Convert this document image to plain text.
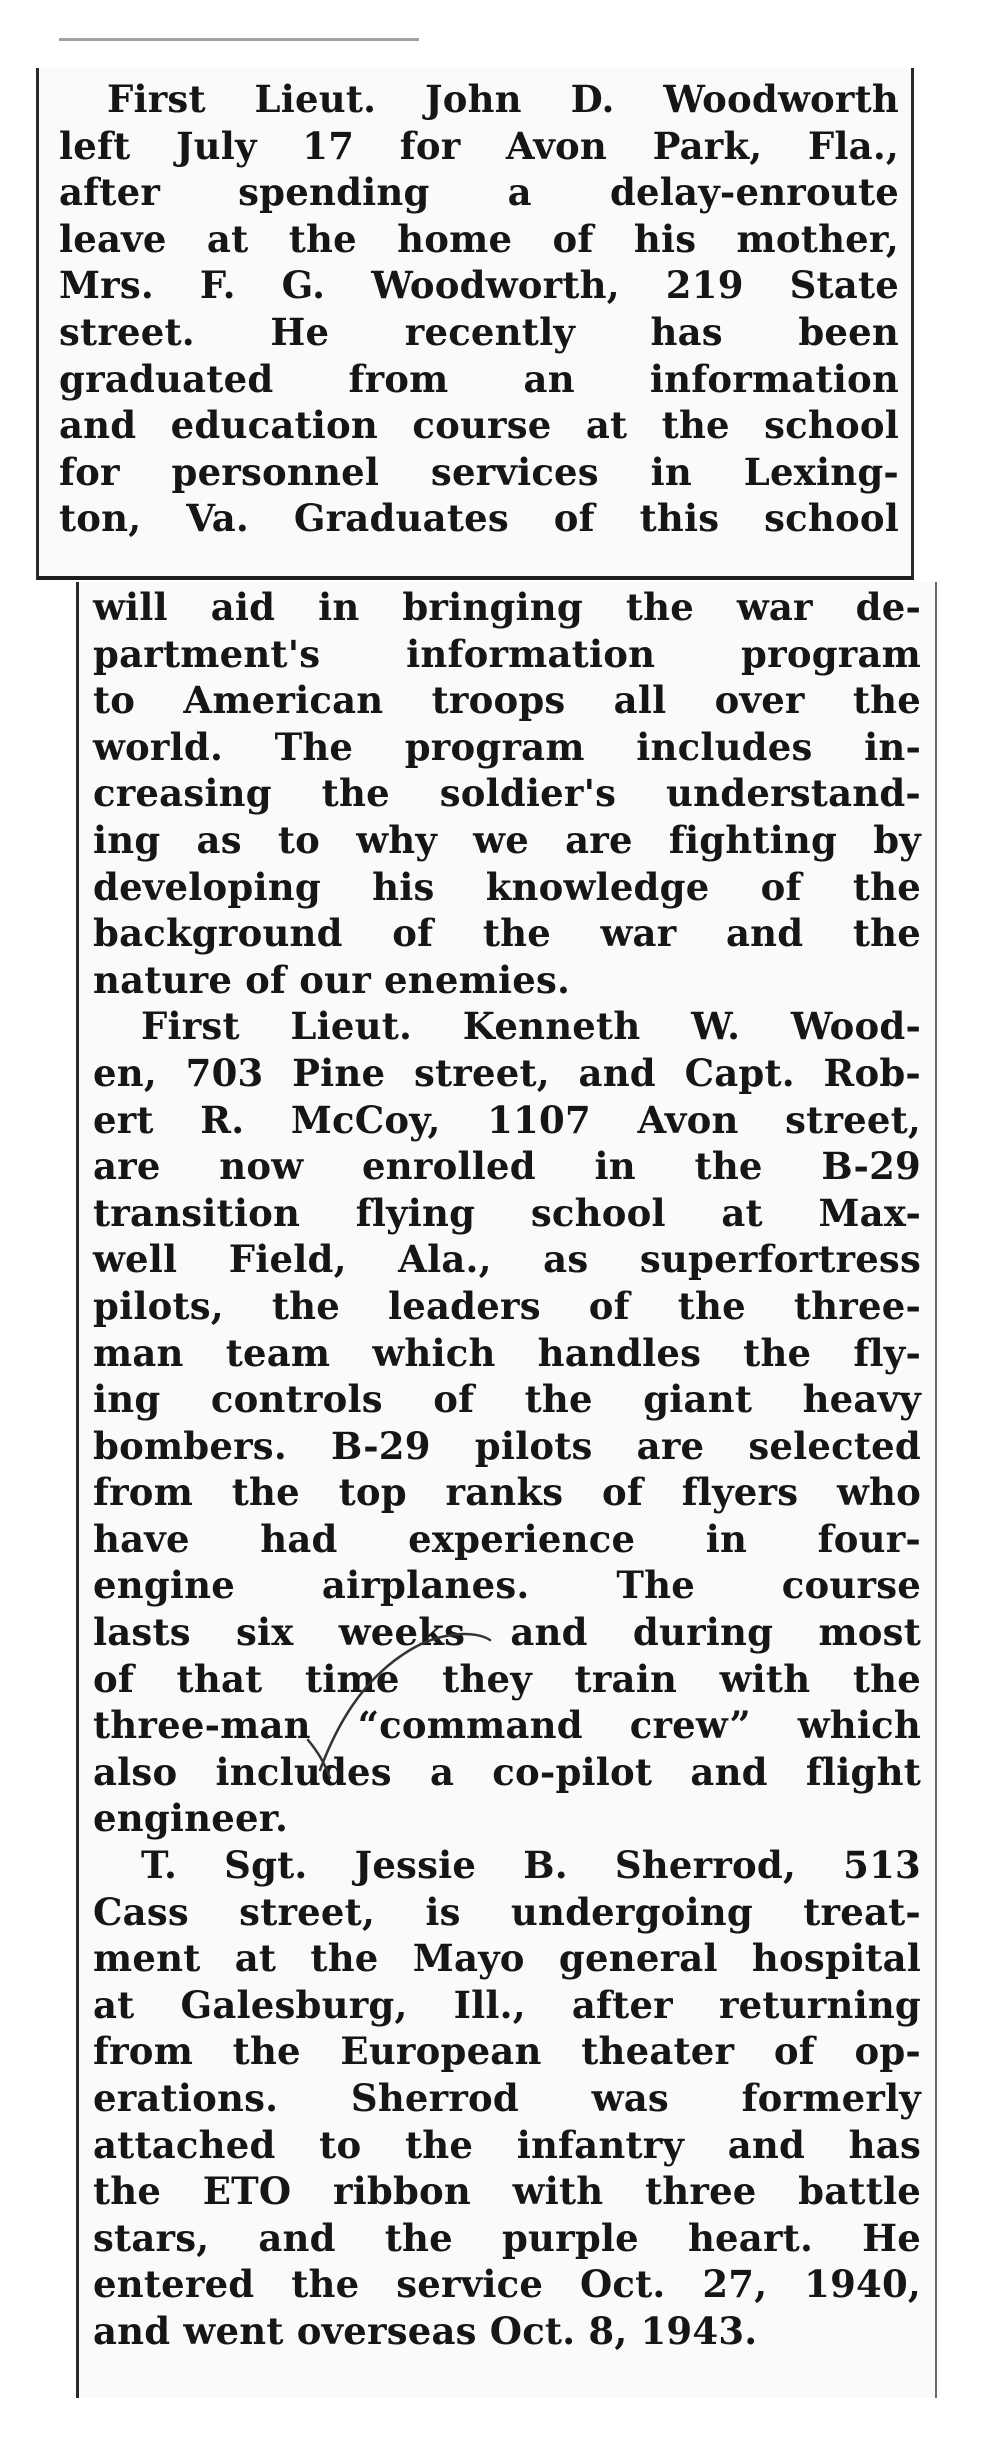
First Lieut. John D. Woodworth
left July 17 for Avon Park, Fla.,
after spending a delay-enroute
leave at the home of his mother,
Mrs. F. G. Woodworth, 219 State
street. He recently has been
graduated from an information
and education course at the school
for personnel services in Lexing-
ton, Va. Graduates of this school
will aid in bringing the war de-
partment's information program
to American troops all over the
world. The program includes in-
creasing the soldier's understand-
ing as to why we are fighting by
developing his knowledge of the
background of the war and the
nature of our enemies.
First Lieut. Kenneth W. Wood-
en, 703 Pine street, and Capt. Rob-
ert R. McCoy, 1107 Avon street,
are now enrolled in the B-29
transition flying school at Max-
well Field, Ala., as superfortress
pilots, the leaders of the three-
man team which handles the fly-
ing controls of the giant heavy
bombers. B-29 pilots are selected
from the top ranks of flyers who
have had experience in four-
engine airplanes. The course
lasts six weeks and during most
of that time they train with the
three-man “command crew” which
also includes a co-pilot and flight
engineer.
T. Sgt. Jessie B. Sherrod, 513
Cass street, is undergoing treat-
ment at the Mayo general hospital
at Galesburg, Ill., after returning
from the European theater of op-
erations. Sherrod was formerly
attached to the infantry and has
the ETO ribbon with three battle
stars, and the purple heart. He
entered the service Oct. 27, 1940,
and went overseas Oct. 8, 1943.
